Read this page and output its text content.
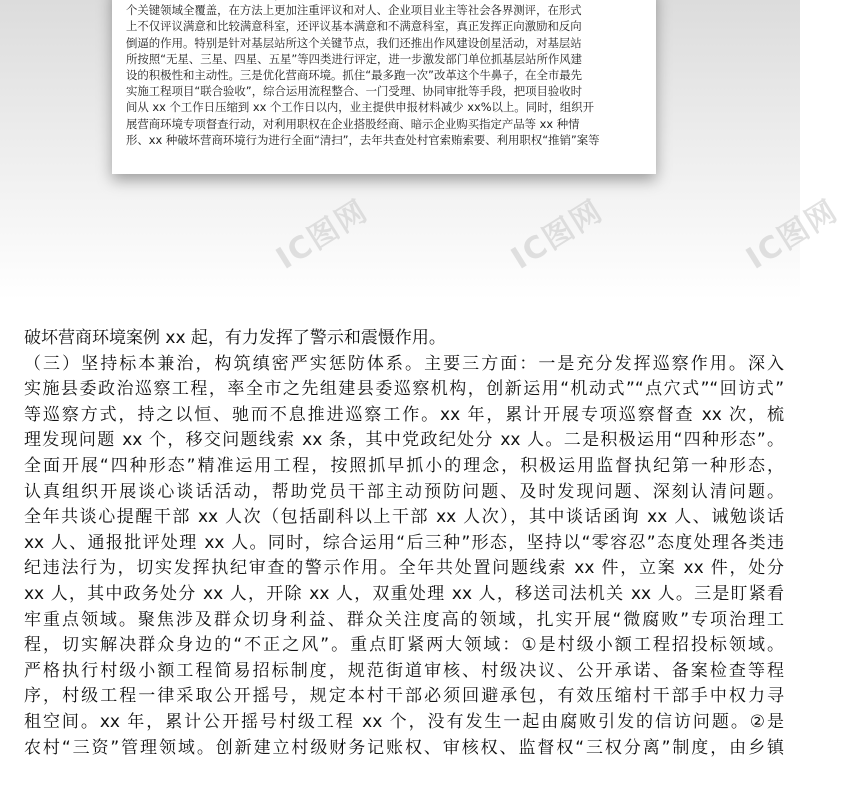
个关键领域全覆盖，在方法上更加注重评议和对人、企业项目业主等社会各界测评，在形式
上不仅评议满意和比较满意科室，还评议基本满意和不满意科室，真正发挥正向激励和反向
倒逼的作用。特别是针对基层站所这个关键节点，我们还推出作风建设创星活动，对基层站
所按照“无星、三星、四星、五星”等四类进行评定，进一步激发部门单位抓基层站所作风建
设的积极性和主动性。三是优化营商环境。抓住“最多跑一次”改革这个牛鼻子，在全市最先
实施工程项目“联合验收”，综合运用流程整合、一门受理、协同审批等手段，把项目验收时
间从 xx 个工作日压缩到 xx 个工作日以内，业主提供申报材料减少 xx%以上。同时，组织开
展营商环境专项督查行动，对利用职权在企业搭股经商、暗示企业购买指定产品等 xx 种情
形、xx 种破坏营商环境行为进行全面“清扫”，去年共查处村官索贿索要、利用职权“推销”案等
IC图网	IC图网	IC图网
破坏营商环境案例 xx 起，有力发挥了警示和震慑作用。
（三）坚持标本兼治，构筑缜密严实惩防体系。主要三方面：一是充分发挥巡察作用。深入
实施县委政治巡察工程，率全市之先组建县委巡察机构，创新运用“机动式”“点穴式”“回访式”
等巡察方式，持之以恒、驰而不息推进巡察工作。xx 年，累计开展专项巡察督查 xx 次，梳
理发现问题 xx 个，移交问题线索 xx 条，其中党政纪处分 xx 人。二是积极运用“四种形态”。
全面开展“四种形态”精准运用工程，按照抓早抓小的理念，积极运用监督执纪第一种形态，
认真组织开展谈心谈话活动，帮助党员干部主动预防问题、及时发现问题、深刻认清问题。
全年共谈心提醒干部 xx 人次（包括副科以上干部 xx 人次），其中谈话函询 xx 人、诫勉谈话
xx 人、通报批评处理 xx 人。同时，综合运用“后三种”形态，坚持以“零容忍”态度处理各类违
纪违法行为，切实发挥执纪审查的警示作用。全年共处置问题线索 xx 件，立案 xx 件，处分
xx 人，其中政务处分 xx 人，开除 xx 人，双重处理 xx 人，移送司法机关 xx 人。三是盯紧看
牢重点领域。聚焦涉及群众切身利益、群众关注度高的领域，扎实开展“微腐败”专项治理工
程，切实解决群众身边的“不正之风”。重点盯紧两大领域：①是村级小额工程招投标领域。
严格执行村级小额工程简易招标制度，规范街道审核、村级决议、公开承诺、备案检查等程
序，村级工程一律采取公开摇号，规定本村干部必须回避承包，有效压缩村干部手中权力寻
租空间。xx 年，累计公开摇号村级工程 xx 个，没有发生一起由腐败引发的信访问题。②是
农村“三资”管理领域。创新建立村级财务记账权、审核权、监督权“三权分离”制度，由乡镇
